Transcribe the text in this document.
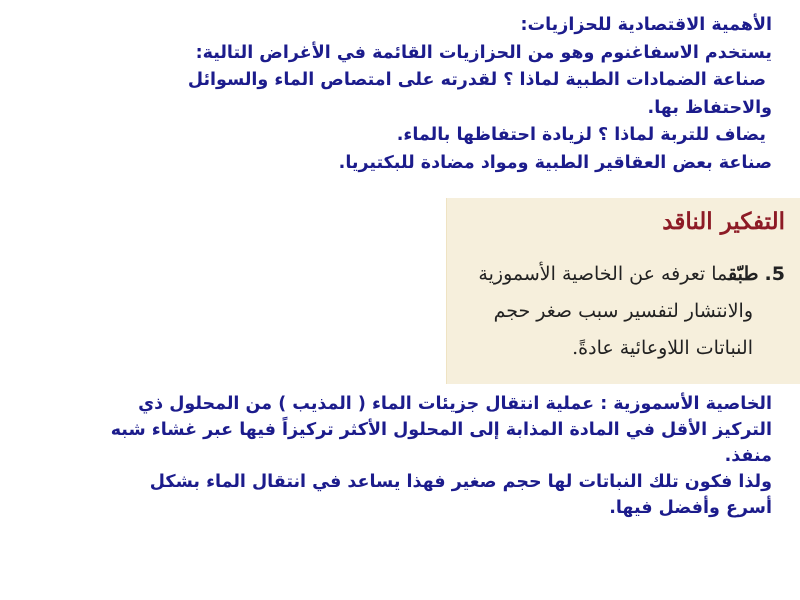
الأهمية الاقتصادية للحزازيات:
يستخدم الاسفاغنوم وهو من الحزازيات القائمة في الأغراض التالية:
صناعة الضمادات الطبية لماذا ؟ لقدرته على امتصاص الماء والسوائل
والاحتفاظ بها.
يضاف للتربة لماذا ؟ لزيادة احتفاظها بالماء.
صناعة بعض العقاقير الطبية ومواد مضادة للبكتيريا.
التفكير الناقد
5. طبّقما تعرفه عن الخاصية الأسموزية
والانتشار لتفسير سبب صغر حجم
النباتات اللاوعائية عادةً.
الخاصية الأسموزية : عملية انتقال جزيئات الماء ( المذيب ) من المحلول ذي
التركيز الأقل في المادة المذابة إلى المحلول الأكثر تركيزاً فيها عبر غشاء شبه
منفذ.
ولذا فكون تلك النباتات لها حجم صغير فهذا يساعد في انتقال الماء بشكل
أسرع وأفضل فيها.
